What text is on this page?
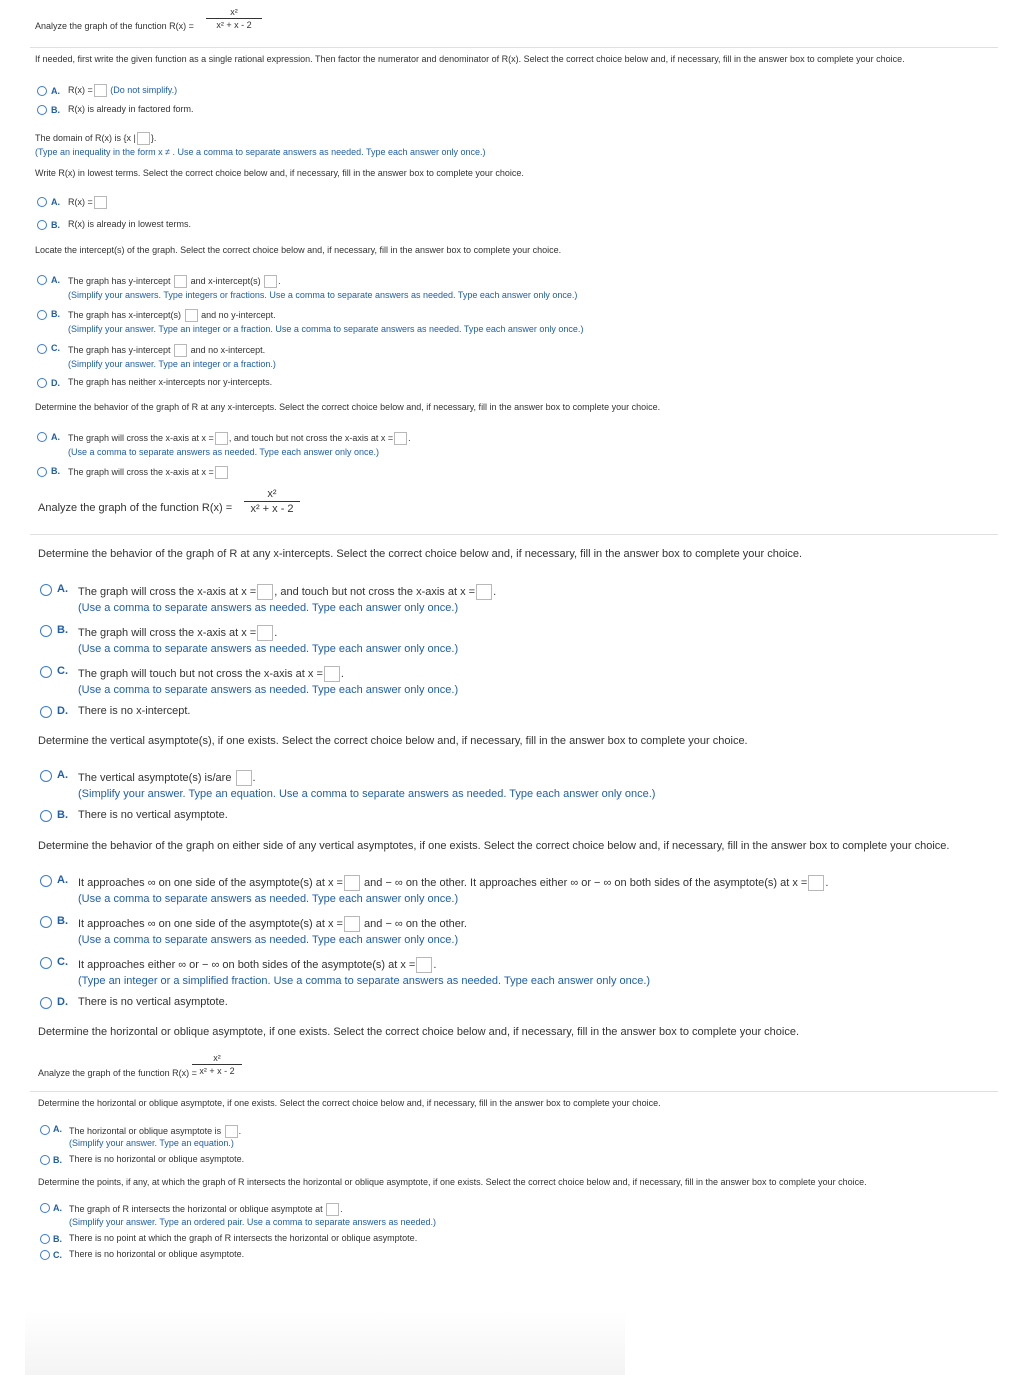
Analyze the graph of the function R(x) =
x²
x² + x - 2
If needed, first write the given function as a single rational expression. Then factor the numerator and denominator of R(x). Select the correct choice below and, if necessary, fill in the answer box to complete your choice.
A. R(x) = (Do not simplify.)
B. R(x) is already in factored form.
The domain of R(x) is {x | }.
(Type an inequality in the form x ≠ . Use a comma to separate answers as needed. Type each answer only once.)
Write R(x) in lowest terms. Select the correct choice below and, if necessary, fill in the answer box to complete your choice.
A. R(x) =
B. R(x) is already in lowest terms.
Locate the intercept(s) of the graph. Select the correct choice below and, if necessary, fill in the answer box to complete your choice.
A. The graph has y-intercept and x-intercept(s) .
(Simplify your answers. Type integers or fractions. Use a comma to separate answers as needed. Type each answer only once.)
B. The graph has x-intercept(s) and no y-intercept.
(Simplify your answer. Type an integer or a fraction. Use a comma to separate answers as needed. Type each answer only once.)
C. The graph has y-intercept and no x-intercept.
(Simplify your answer. Type an integer or a fraction.)
D. The graph has neither x-intercepts nor y-intercepts.
Determine the behavior of the graph of R at any x-intercepts. Select the correct choice below and, if necessary, fill in the answer box to complete your choice.
A. The graph will cross the x-axis at x = , and touch but not cross the x-axis at x = .
(Use a comma to separate answers as needed. Type each answer only once.)
B. The graph will cross the x-axis at x =
Analyze the graph of the function R(x) =
x²
x² + x - 2
Determine the behavior of the graph of R at any x-intercepts. Select the correct choice below and, if necessary, fill in the answer box to complete your choice.
A. The graph will cross the x-axis at x = , and touch but not cross the x-axis at x = .
(Use a comma to separate answers as needed. Type each answer only once.)
B. The graph will cross the x-axis at x = .
(Use a comma to separate answers as needed. Type each answer only once.)
C. The graph will touch but not cross the x-axis at x = .
(Use a comma to separate answers as needed. Type each answer only once.)
D. There is no x-intercept.
Determine the vertical asymptote(s), if one exists. Select the correct choice below and, if necessary, fill in the answer box to complete your choice.
A. The vertical asymptote(s) is/are .
(Simplify your answer. Type an equation. Use a comma to separate answers as needed. Type each answer only once.)
B. There is no vertical asymptote.
Determine the behavior of the graph on either side of any vertical asymptotes, if one exists. Select the correct choice below and, if necessary, fill in the answer box to complete your choice.
A. It approaches ∞ on one side of the asymptote(s) at x = and − ∞ on the other. It approaches either ∞ or − ∞ on both sides of the asymptote(s) at x = .
(Use a comma to separate answers as needed. Type each answer only once.)
B. It approaches ∞ on one side of the asymptote(s) at x = and − ∞ on the other.
(Use a comma to separate answers as needed. Type each answer only once.)
C. It approaches either ∞ or − ∞ on both sides of the asymptote(s) at x = .
(Type an integer or a simplified fraction. Use a comma to separate answers as needed. Type each answer only once.)
D. There is no vertical asymptote.
Determine the horizontal or oblique asymptote, if one exists. Select the correct choice below and, if necessary, fill in the answer box to complete your choice.
Analyze the graph of the function R(x) =
x²
x² + x - 2
Determine the horizontal or oblique asymptote, if one exists. Select the correct choice below and, if necessary, fill in the answer box to complete your choice.
A. The horizontal or oblique asymptote is .
(Simplify your answer. Type an equation.)
B. There is no horizontal or oblique asymptote.
Determine the points, if any, at which the graph of R intersects the horizontal or oblique asymptote, if one exists. Select the correct choice below and, if necessary, fill in the answer box to complete your choice.
A. The graph of R intersects the horizontal or oblique asymptote at .
(Simplify your answer. Type an ordered pair. Use a comma to separate answers as needed.)
B. There is no point at which the graph of R intersects the horizontal or oblique asymptote.
C. There is no horizontal or oblique asymptote.
